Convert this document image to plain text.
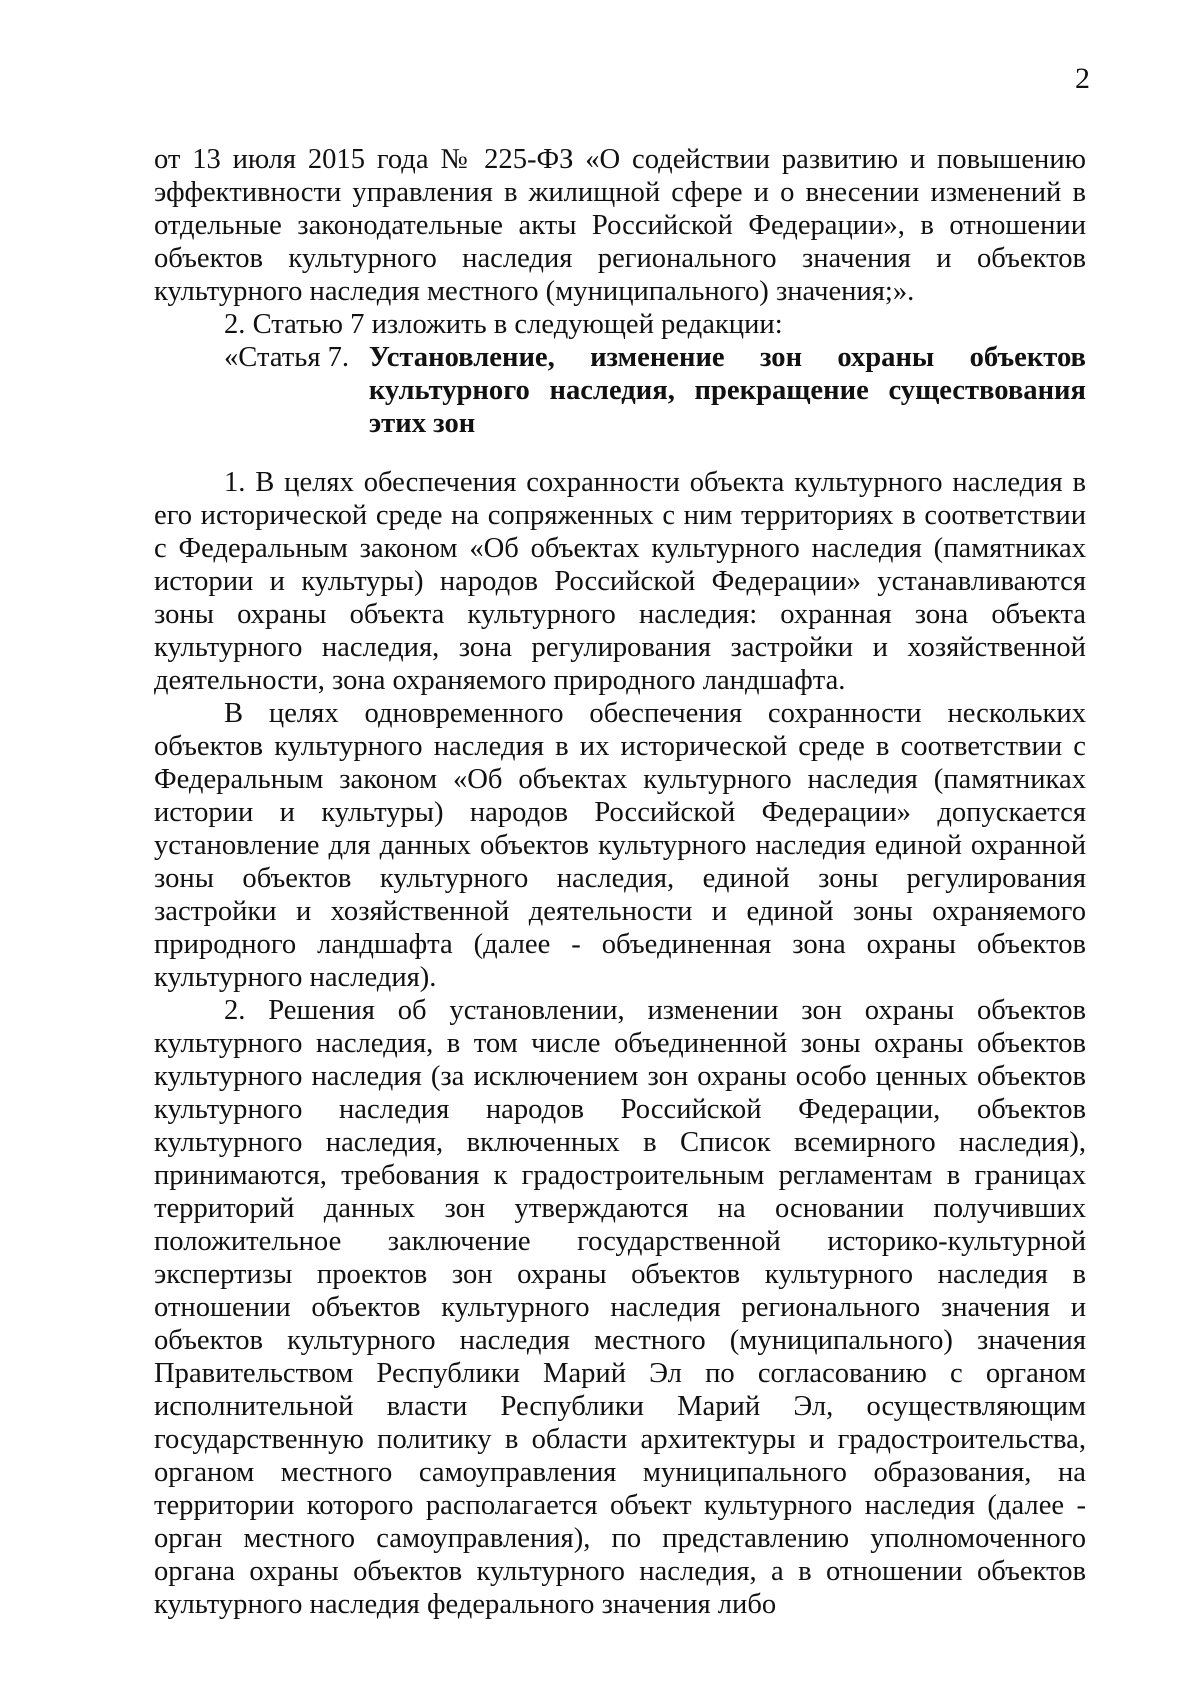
2

от 13 июля 2015 года № 225-ФЗ «О содействии развитию и повышению эффективности управления в жилищной сфере и о внесении изменений в отдельные законодательные акты Российской Федерации», в отношении объектов культурного наследия регионального значения и объектов культурного наследия местного (муниципального) значения;».

2. Статью 7 изложить в следующей редакции:

«Статья 7. Установление, изменение зон охраны объектов культурного наследия, прекращение существования этих зон

1. В целях обеспечения сохранности объекта культурного наследия в его исторической среде на сопряженных с ним территориях в соответствии с Федеральным законом «Об объектах культурного наследия (памятниках истории и культуры) народов Российской Федерации» устанавливаются зоны охраны объекта культурного наследия: охранная зона объекта культурного наследия, зона регулирования застройки и хозяйственной деятельности, зона охраняемого природного ландшафта.

В целях одновременного обеспечения сохранности нескольких объектов культурного наследия в их исторической среде в соответствии с Федеральным законом «Об объектах культурного наследия (памятниках истории и культуры) народов Российской Федерации» допускается установление для данных объектов культурного наследия единой охранной зоны объектов культурного наследия, единой зоны регулирования застройки и хозяйственной деятельности и единой зоны охраняемого природного ландшафта (далее - объединенная зона охраны объектов культурного наследия).

2. Решения об установлении, изменении зон охраны объектов культурного наследия, в том числе объединенной зоны охраны объектов культурного наследия (за исключением зон охраны особо ценных объектов культурного наследия народов Российской Федерации, объектов культурного наследия, включенных в Список всемирного наследия), принимаются, требования к градостроительным регламентам в границах территорий данных зон утверждаются на основании получивших положительное заключение государственной историко-культурной экспертизы проектов зон охраны объектов культурного наследия в отношении объектов культурного наследия регионального значения и объектов культурного наследия местного (муниципального) значения Правительством Республики Марий Эл по согласованию с органом исполнительной власти Республики Марий Эл, осуществляющим государственную политику в области архитектуры и градостроительства, органом местного самоуправления муниципального образования, на территории которого располагается объект культурного наследия (далее - орган местного самоуправления), по представлению уполномоченного органа охраны объектов культурного наследия, а в отношении объектов культурного наследия федерального значения либо
